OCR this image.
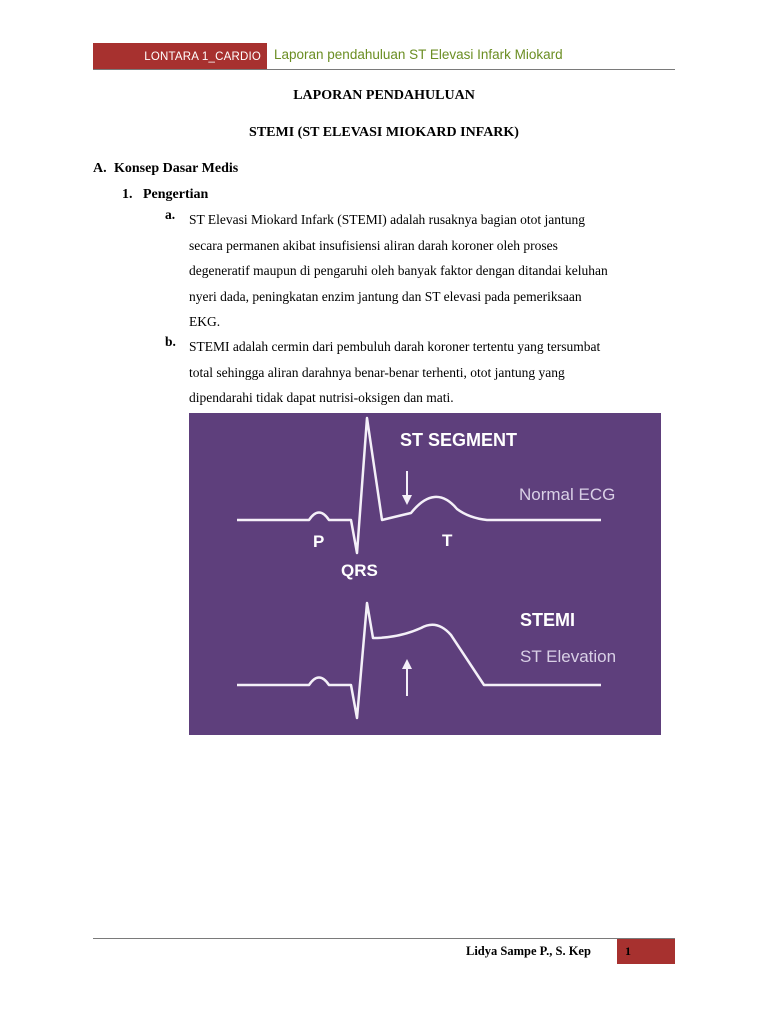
LONTARA 1_CARDIO Laporan pendahuluan ST Elevasi Infark Miokard
LAPORAN PENDAHULUAN
STEMI (ST ELEVASI MIOKARD INFARK)
A. Konsep Dasar Medis
1. Pengertian
a. ST Elevasi Miokard Infark (STEMI) adalah rusaknya bagian otot jantung
secara permanen akibat insufisiensi aliran darah koroner oleh proses
degeneratif maupun di pengaruhi oleh banyak faktor dengan ditandai keluhan
nyeri dada, peningkatan enzim jantung dan ST elevasi pada pemeriksaan
EKG.
b. STEMI adalah cermin dari pembuluh darah koroner tertentu yang tersumbat
total sehingga aliran darahnya benar-benar terhenti, otot jantung yang
dipendarahi tidak dapat nutrisi-oksigen dan mati.
ST SEGMENT
Normal ECG
P
QRS
T
STEMI
ST Elevation
Lidya Sampe P., S. Kep	1
